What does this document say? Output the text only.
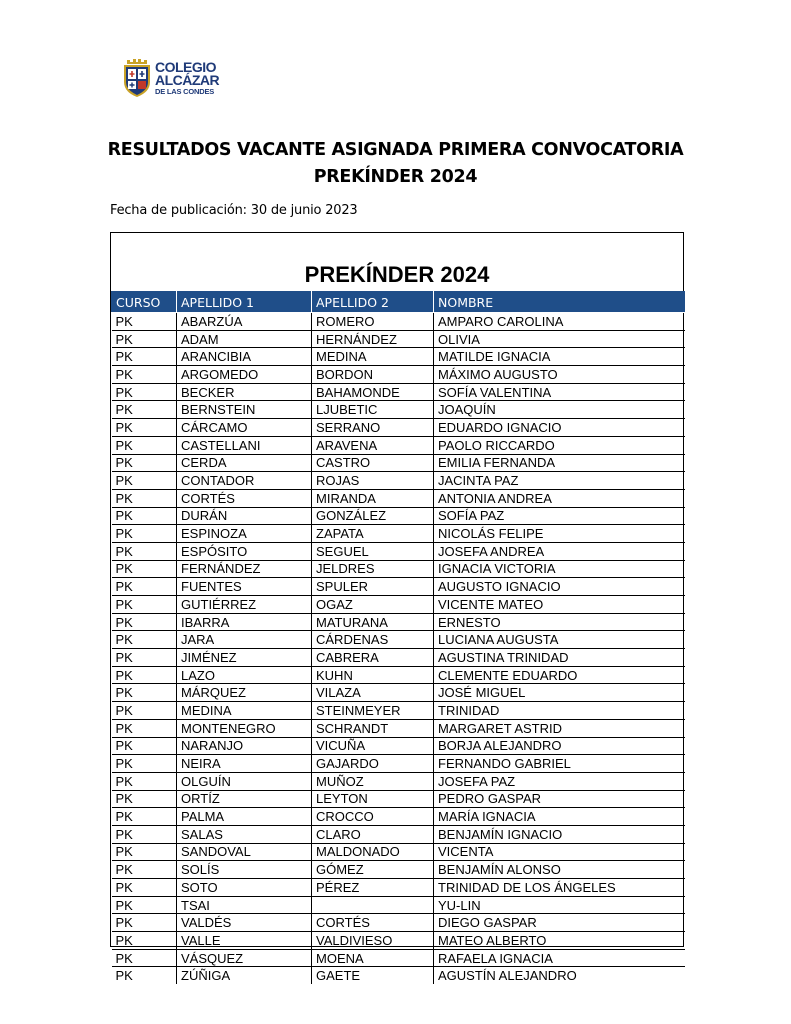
COLEGIO
ALCÁZAR
DE LAS CONDES
RESULTADOS VACANTE ASIGNADA PRIMERA CONVOCATORIA
PREKÍNDER 2024
Fecha de publicación: 30 de junio 2023
PREKÍNDER 2024
CURSO	APELLIDO 1	APELLIDO 2	NOMBRE
PK	ABARZÚA	ROMERO	AMPARO CAROLINA
PK	ADAM	HERNÁNDEZ	OLIVIA
PK	ARANCIBIA	MEDINA	MATILDE IGNACIA
PK	ARGOMEDO	BORDON	MÁXIMO AUGUSTO
PK	BECKER	BAHAMONDE	SOFÍA VALENTINA
PK	BERNSTEIN	LJUBETIC	JOAQUÍN
PK	CÁRCAMO	SERRANO	EDUARDO IGNACIO
PK	CASTELLANI	ARAVENA	PAOLO RICCARDO
PK	CERDA	CASTRO	EMILIA FERNANDA
PK	CONTADOR	ROJAS	JACINTA PAZ
PK	CORTÉS	MIRANDA	ANTONIA ANDREA
PK	DURÁN	GONZÁLEZ	SOFÍA PAZ
PK	ESPINOZA	ZAPATA	NICOLÁS FELIPE
PK	ESPÓSITO	SEGUEL	JOSEFA ANDREA
PK	FERNÁNDEZ	JELDRES	IGNACIA VICTORIA
PK	FUENTES	SPULER	AUGUSTO IGNACIO
PK	GUTIÉRREZ	OGAZ	VICENTE MATEO
PK	IBARRA	MATURANA	ERNESTO
PK	JARA	CÁRDENAS	LUCIANA AUGUSTA
PK	JIMÉNEZ	CABRERA	AGUSTINA TRINIDAD
PK	LAZO	KUHN	CLEMENTE EDUARDO
PK	MÁRQUEZ	VILAZA	JOSÉ MIGUEL
PK	MEDINA	STEINMEYER	TRINIDAD
PK	MONTENEGRO	SCHRANDT	MARGARET ASTRID
PK	NARANJO	VICUÑA	BORJA ALEJANDRO
PK	NEIRA	GAJARDO	FERNANDO GABRIEL
PK	OLGUÍN	MUÑOZ	JOSEFA PAZ
PK	ORTÍZ	LEYTON	PEDRO GASPAR
PK	PALMA	CROCCO	MARÍA IGNACIA
PK	SALAS	CLARO	BENJAMÍN IGNACIO
PK	SANDOVAL	MALDONADO	VICENTA
PK	SOLÍS	GÓMEZ	BENJAMÍN ALONSO
PK	SOTO	PÉREZ	TRINIDAD DE LOS ÁNGELES
PK	TSAI		YU-LIN
PK	VALDÉS	CORTÉS	DIEGO GASPAR
PK	VALLE	VALDIVIESO	MATEO ALBERTO
PK	VÁSQUEZ	MOENA	RAFAELA IGNACIA
PK	ZÚÑIGA	GAETE	AGUSTÍN ALEJANDRO
